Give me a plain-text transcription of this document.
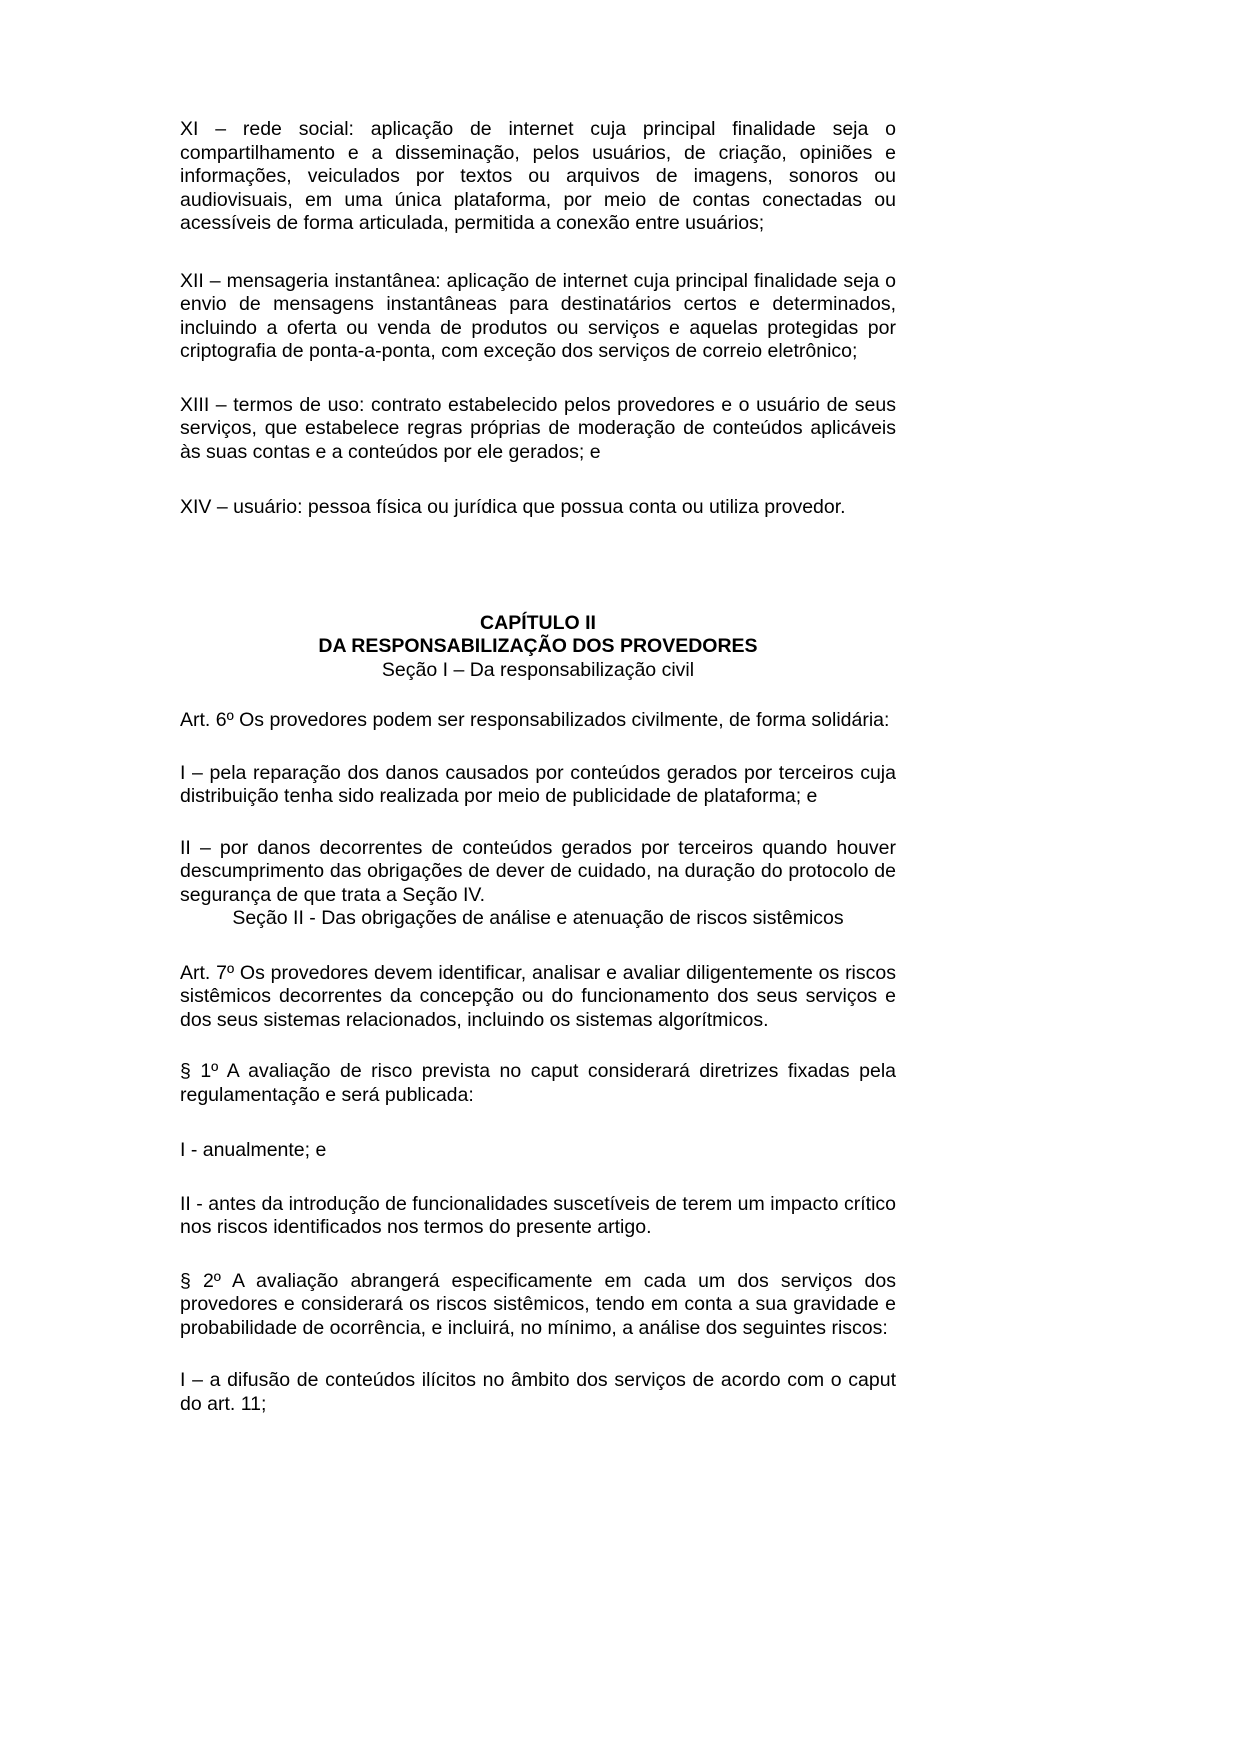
XI – rede social: aplicação de internet cuja principal finalidade seja o compartilhamento e a disseminação, pelos usuários, de criação, opiniões e informações, veiculados por textos ou arquivos de imagens, sonoros ou audiovisuais, em uma única plataforma, por meio de contas conectadas ou acessíveis de forma articulada, permitida a conexão entre usuários;

XII – mensageria instantânea: aplicação de internet cuja principal finalidade seja o envio de mensagens instantâneas para destinatários certos e determinados, incluindo a oferta ou venda de produtos ou serviços e aquelas protegidas por criptografia de ponta-a-ponta, com exceção dos serviços de correio eletrônico;

XIII – termos de uso: contrato estabelecido pelos provedores e o usuário de seus serviços, que estabelece regras próprias de moderação de conteúdos aplicáveis às suas contas e a conteúdos por ele gerados; e

XIV – usuário: pessoa física ou jurídica que possua conta ou utiliza provedor.

CAPÍTULO II
DA RESPONSABILIZAÇÃO DOS PROVEDORES

Seção I – Da responsabilização civil

Art. 6º Os provedores podem ser responsabilizados civilmente, de forma solidária:

I – pela reparação dos danos causados por conteúdos gerados por terceiros cuja distribuição tenha sido realizada por meio de publicidade de plataforma; e

II – por danos decorrentes de conteúdos gerados por terceiros quando houver descumprimento das obrigações de dever de cuidado, na duração do protocolo de segurança de que trata a Seção IV.

Seção II - Das obrigações de análise e atenuação de riscos sistêmicos

Art. 7º Os provedores devem identificar, analisar e avaliar diligentemente os riscos sistêmicos decorrentes da concepção ou do funcionamento dos seus serviços e dos seus sistemas relacionados, incluindo os sistemas algorítmicos.

§ 1º A avaliação de risco prevista no caput considerará diretrizes fixadas pela regulamentação e será publicada:

I - anualmente; e

II - antes da introdução de funcionalidades suscetíveis de terem um impacto crítico nos riscos identificados nos termos do presente artigo.

§ 2º A avaliação abrangerá especificamente em cada um dos serviços dos provedores e considerará os riscos sistêmicos, tendo em conta a sua gravidade e probabilidade de ocorrência, e incluirá, no mínimo, a análise dos seguintes riscos:

I – a difusão de conteúdos ilícitos no âmbito dos serviços de acordo com o caput do art. 11;
